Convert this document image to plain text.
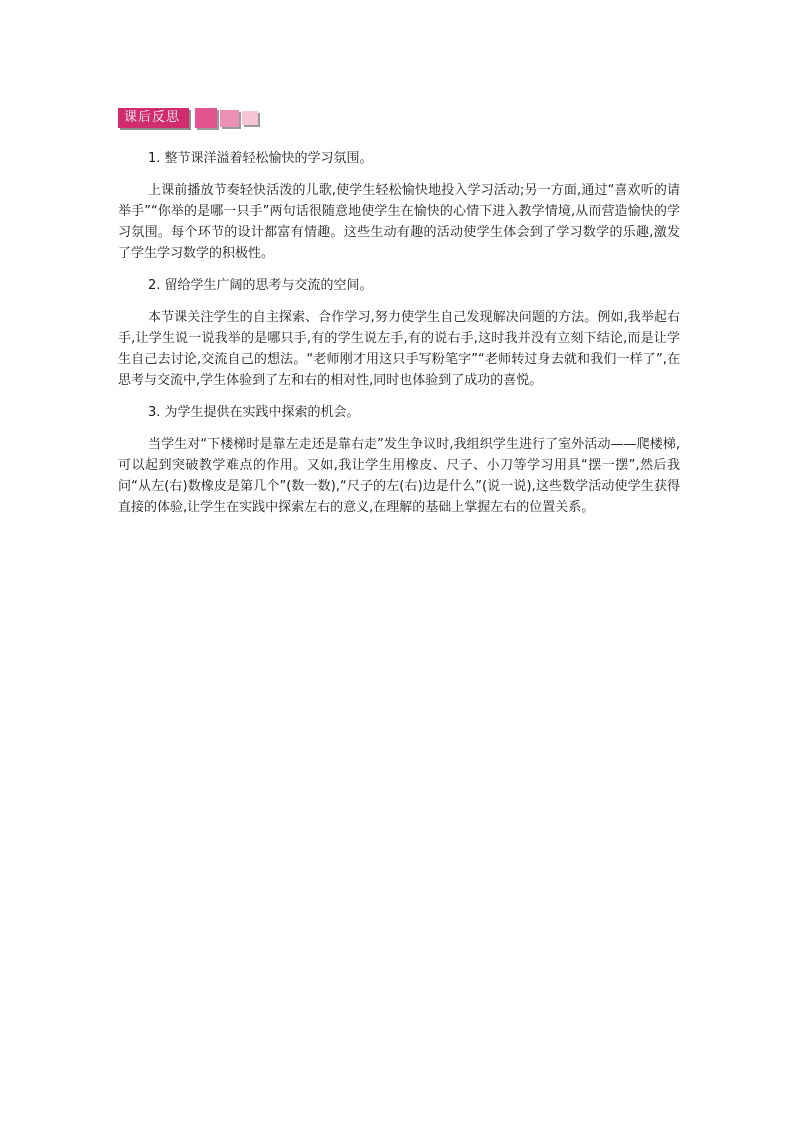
课后反思

1. 整节课洋溢着轻松愉快的学习氛围。

上课前播放节奏轻快活泼的儿歌,使学生轻松愉快地投入学习活动;另一方面,通过“喜欢听的请举手”“你举的是哪一只手”两句话很随意地使学生在愉快的心情下进入教学情境,从而营造愉快的学习氛围。每个环节的设计都富有情趣。这些生动有趣的活动使学生体会到了学习数学的乐趣,激发了学生学习数学的积极性。

2. 留给学生广阔的思考与交流的空间。

本节课关注学生的自主探索、合作学习,努力使学生自己发现解决问题的方法。例如,我举起右手,让学生说一说我举的是哪只手,有的学生说左手,有的说右手,这时我并没有立刻下结论,而是让学生自己去讨论,交流自己的想法。“老师刚才用这只手写粉笔字”“老师转过身去就和我们一样了”,在思考与交流中,学生体验到了左和右的相对性,同时也体验到了成功的喜悦。

3. 为学生提供在实践中探索的机会。

当学生对“下楼梯时是靠左走还是靠右走”发生争议时,我组织学生进行了室外活动——爬楼梯,可以起到突破教学难点的作用。又如,我让学生用橡皮、尺子、小刀等学习用具“摆一摆”,然后我问“从左(右)数橡皮是第几个”(数一数),“尺子的左(右)边是什么”(说一说),这些数学活动使学生获得直接的体验,让学生在实践中探索左右的意义,在理解的基础上掌握左右的位置关系。
